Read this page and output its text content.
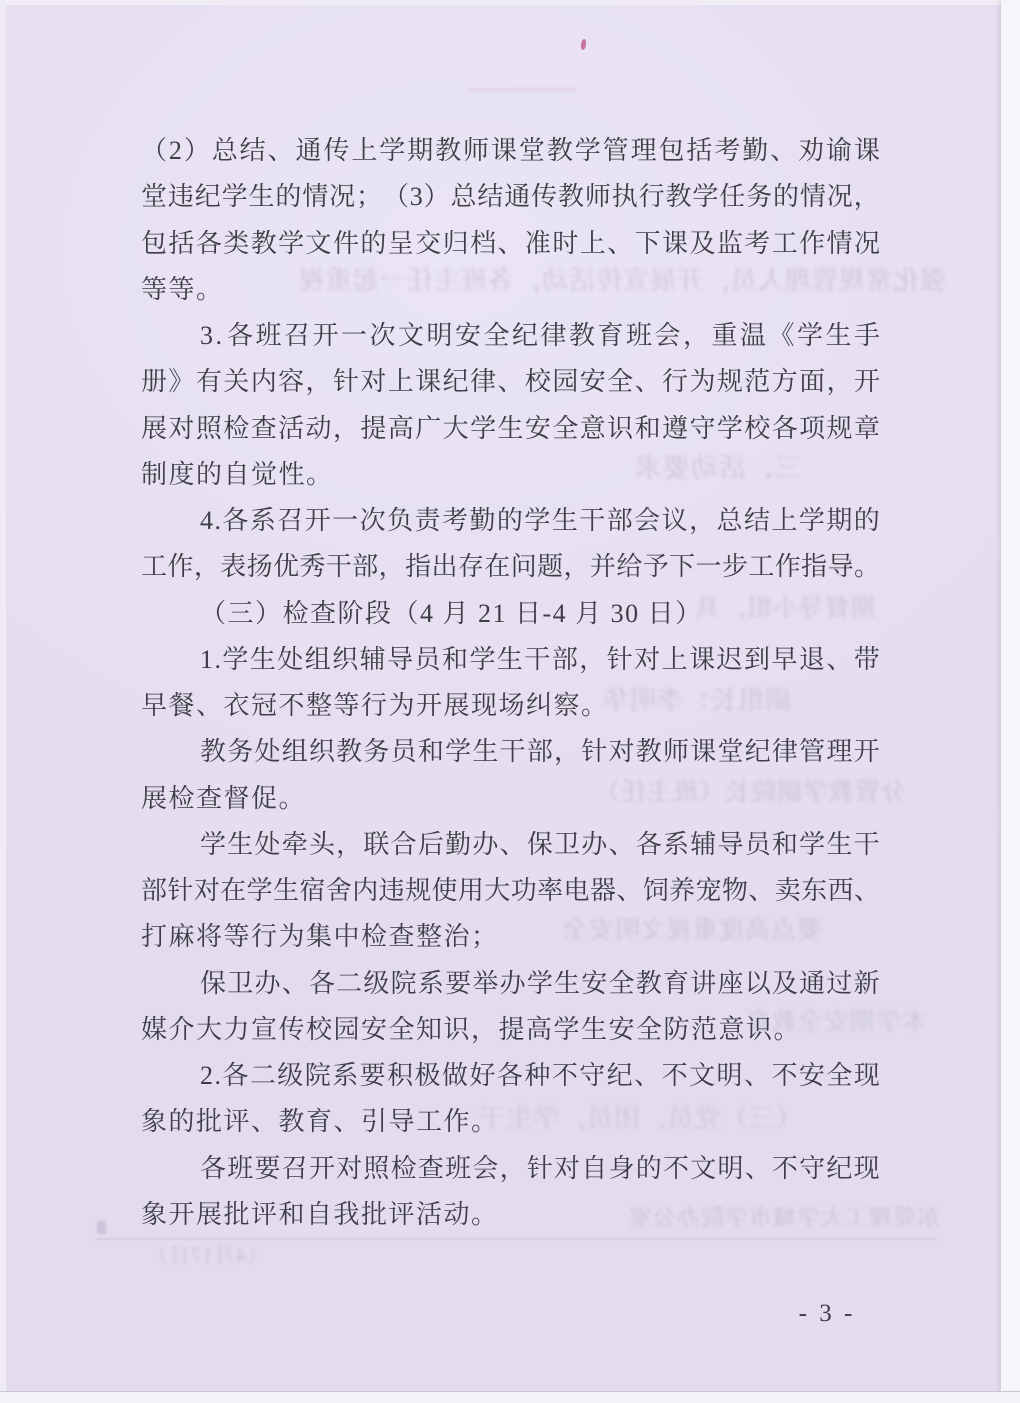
强化常规管理人员，开展宣传活动，各班主任一起重视
三、活动要求
期督导小组，具
副组长：李明华
分管教学副院长（班主任）
要点高度重视文明安全
本学期安全教育
（三）党员、团员，学生干
东莞理工大学城市学院办公室
（4月17日）
（ 2 ） 总 结 、 通 传 上 学 期 教 师 课 堂 教 学 管 理 包 括 考 勤 、 劝 谕 课
堂 违 纪 学 生 的 情 况 ； （ 3 ） 总 结 通 传 教 师 执 行 教 学 任 务 的 情 况 ，
包 括 各 类 教 学 文 件 的 呈 交 归 档 、 准 时 上 、 下 课 及 监 考 工 作 情 况
等等。
3 . 各 班 召 开 一 次 文 明 安 全 纪 律 教 育 班 会 ， 重 温 《 学 生 手
册 》 有 关 内 容 ， 针 对 上 课 纪 律 、 校 园 安 全 、 行 为 规 范 方 面 ， 开
展 对 照 检 查 活 动 ， 提 高 广 大 学 生 安 全 意 识 和 遵 守 学 校 各 项 规 章
制度的自觉性。
4 . 各 系 召 开 一 次 负 责 考 勤 的 学 生 干 部 会 议 ， 总 结 上 学 期 的
工 作 ， 表 扬 优 秀 干 部 ， 指 出 存 在 问 题 ， 并 给 予 下 一 步 工 作 指 导 。
（三）检查阶段（4 月 21 日-4 月 30 日）
1 . 学 生 处 组 织 辅 导 员 和 学 生 干 部 ， 针 对 上 课 迟 到 早 退 、 带
早餐、衣冠不整等行为开展现场纠察。
教 务 处 组 织 教 务 员 和 学 生 干 部 ， 针 对 教 师 课 堂 纪 律 管 理 开
展检查督促。
学 生 处 牵 头 ， 联 合 后 勤 办 、 保 卫 办 、 各 系 辅 导 员 和 学 生 干
部 针 对 在 学 生 宿 舍 内 违 规 使 用 大 功 率 电 器 、 饲 养 宠 物 、 卖 东 西 、
打麻将等行为集中检查整治；
保 卫 办 、 各 二 级 院 系 要 举 办 学 生 安 全 教 育 讲 座 以 及 通 过 新
媒介大力宣传校园安全知识，提高学生安全防范意识。
2 . 各 二 级 院 系 要 积 极 做 好 各 种 不 守 纪 、 不 文 明 、 不 安 全 现
象的批评、教育、引导工作。
各 班 要 召 开 对 照 检 查 班 会 ， 针 对 自 身 的 不 文 明 、 不 守 纪 现
象开展批评和自我批评活动。
- 3 -
